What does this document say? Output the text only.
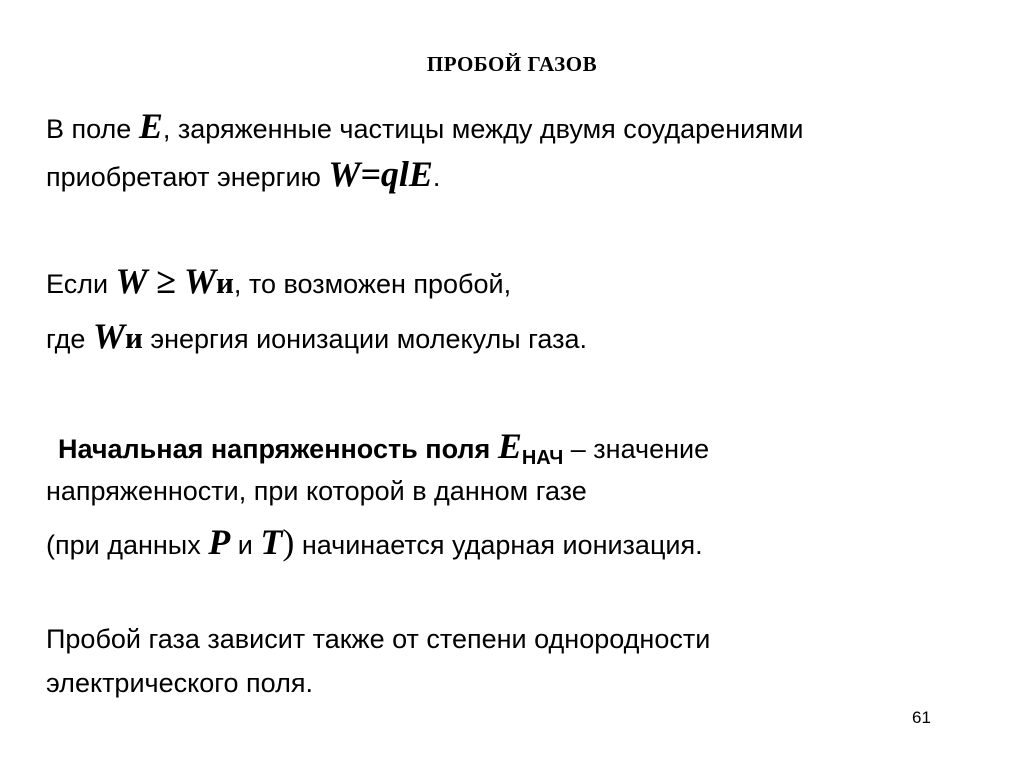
ПРОБОЙ ГАЗОВ
В поле E, заряженные частицы между двумя соударениями
приобретают энергию W=qlE.
Если W ≥ Wи, то возможен пробой,
где Wи энергия ионизации молекулы газа.
Начальная напряженность поля $E_{НАЧ}$ – значение
напряженности, при которой в данном газе
(при данных P и T) начинается ударная ионизация.
Пробой газа зависит также от степени однородности
электрического поля.
61
